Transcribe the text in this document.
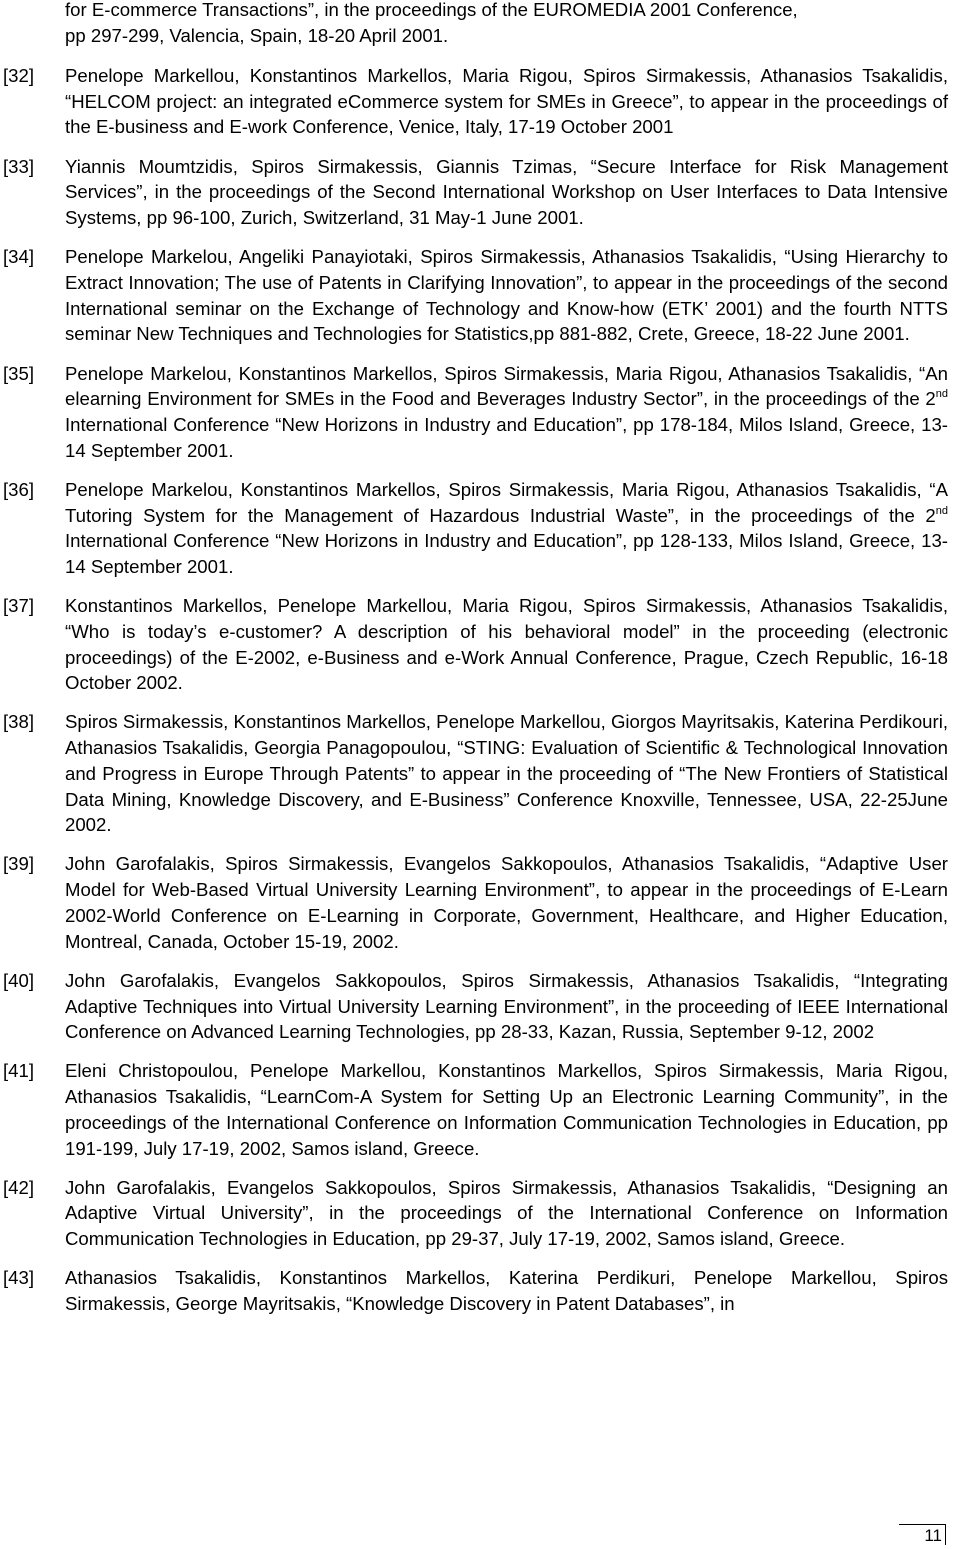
for E-commerce Transactions”, in the proceedings of the EUROMEDIA 2001 Conference,
pp 297-299, Valencia, Spain, 18-20 April 2001.
[32]	Penelope Markellou, Konstantinos Markellos, Maria Rigou, Spiros Sirmakessis, Athanasios Tsakalidis, “HELCOM project: an integrated eCommerce system for SMEs in Greece”, to appear in the proceedings of the E-business and E-work Conference, Venice, Italy, 17-19 October 2001
[33]	Yiannis Moumtzidis, Spiros Sirmakessis, Giannis Tzimas, “Secure Interface for Risk Management Services”, in the proceedings of the Second International Workshop on User Interfaces to Data Intensive Systems, pp 96-100, Zurich, Switzerland, 31 May-1 June 2001.
[34]	Penelope Markelou, Angeliki Panayiotaki, Spiros Sirmakessis, Athanasios Tsakalidis, “Using Hierarchy to Extract Innovation; The use of Patents in Clarifying Innovation”, to appear in the proceedings of the second International seminar on the Exchange of Technology and Know-how (ETK’ 2001) and the fourth NTTS seminar New Techniques and Technologies for Statistics,pp 881-882, Crete, Greece, 18-22 June 2001.
[35]	Penelope Markelou, Konstantinos Markellos, Spiros Sirmakessis, Maria Rigou, Athanasios Tsakalidis, “An elearning Environment for SMEs in the Food and Beverages Industry Sector”, in the proceedings of the 2nd International Conference “New Horizons in Industry and Education”, pp 178-184, Milos Island, Greece, 13-14 September 2001.
[36]	Penelope Markelou, Konstantinos Markellos, Spiros Sirmakessis, Maria Rigou, Athanasios Tsakalidis, “A Tutoring System for the Management of Hazardous Industrial Waste”, in the proceedings of the 2nd International Conference “New Horizons in Industry and Education”, pp 128-133, Milos Island, Greece, 13-14 September 2001.
[37]	Konstantinos Markellos, Penelope Markellou, Maria Rigou, Spiros Sirmakessis, Athanasios Tsakalidis, “Who is today’s e-customer? A description of his behavioral model” in the proceeding (electronic proceedings) of the E-2002, e-Business and e-Work Annual Conference, Prague, Czech Republic, 16-18 October 2002.
[38]	Spiros Sirmakessis, Konstantinos Markellos, Penelope Markellou, Giorgos Mayritsakis, Katerina Perdikouri, Athanasios Tsakalidis, Georgia Panagopoulou, “STING: Evaluation of Scientific & Technological Innovation and Progress in Europe Through Patents” to appear in the proceeding of “The New Frontiers of Statistical Data Mining, Knowledge Discovery, and E-Business” Conference Knoxville, Tennessee, USA, 22-25June 2002.
[39]	John Garofalakis, Spiros Sirmakessis, Evangelos Sakkopoulos, Athanasios Tsakalidis, “Adaptive User Model for Web-Based Virtual University Learning Environment”, to appear in the proceedings of E-Learn 2002-World Conference on E-Learning in Corporate, Government, Healthcare, and Higher Education, Montreal, Canada, October 15-19, 2002.
[40]	John Garofalakis, Evangelos Sakkopoulos, Spiros Sirmakessis, Athanasios Tsakalidis, “Integrating Adaptive Techniques into Virtual University Learning Environment”, in the proceeding of IEEE International Conference on Advanced Learning Technologies, pp 28-33, Kazan, Russia, September 9-12, 2002
[41]	Eleni Christopoulou, Penelope Markellou, Konstantinos Markellos, Spiros Sirmakessis, Maria Rigou, Athanasios Tsakalidis, “LearnCom-A System for Setting Up an Electronic Learning Community”, in the proceedings of the International Conference on Information Communication Technologies in Education, pp 191-199, July 17-19, 2002, Samos island, Greece.
[42]	John Garofalakis, Evangelos Sakkopoulos, Spiros Sirmakessis, Athanasios Tsakalidis, “Designing an Adaptive Virtual University”, in the proceedings of the International Conference on Information Communication Technologies in Education, pp 29-37, July 17-19, 2002, Samos island, Greece.
[43]	Athanasios Tsakalidis, Konstantinos Markellos, Katerina Perdikuri, Penelope Markellou, Spiros Sirmakessis, George Mayritsakis, “Knowledge Discovery in Patent Databases”, in
11
